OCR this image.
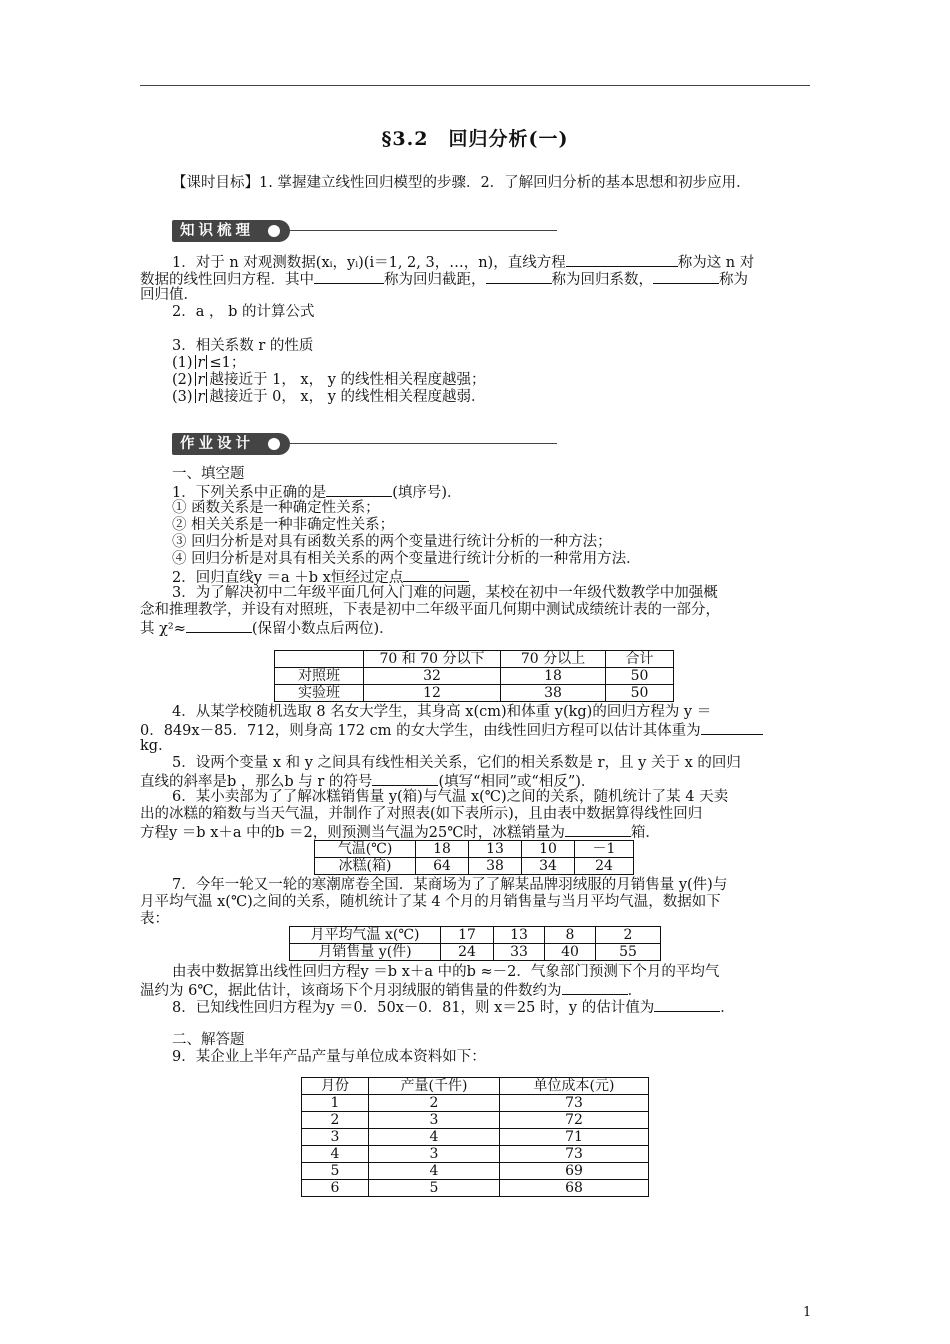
§3.2　回归分析(一)
【课时目标】1. 掌握建立线性回归模型的步骤．2．了解回归分析的基本思想和初步应用．
知识梳理
1．对于 n 对观测数据(xᵢ，yᵢ)(i＝1, 2, 3，…，n)，直线方程	称为这 n 对
数据的线性回归方程．其中	称为回归截距，	称为回归系数，	称为
回归值．
2．a ， b 的计算公式
3．相关系数 r 的性质
(1) r ≤1；
(2) r 越接近于 1， x， y 的线性相关程度越强；
(3) r 越接近于 0， x， y 的线性相关程度越弱．
作业设计
一、填空题
1．下列关系中正确的是	(填序号)．
① 函数关系是一种确定性关系；
② 相关关系是一种非确定性关系；
③ 回归分析是对具有函数关系的两个变量进行统计分析的一种方法；
④ 回归分析是对具有相关关系的两个变量进行统计分析的一种常用方法．
2．回归直线y ＝a ＋b x恒经过定点
3．为了解决初中二年级平面几何入门难的问题，某校在初中一年级代数教学中加强概
念和推理教学，并设有对照班，下表是初中二年级平面几何期中测试成绩统计表的一部分，
其 χ²≈	(保留小数点后两位)．
	70 和 70 分以下	70 分以上	合计
对照班	32	18	50
实验班	12	38	50
4．从某学校随机选取 8 名女大学生，其身高 x(cm)和体重 y(kg)的回归方程为 y ＝
0．849x－85．712，则身高 172 cm 的女大学生，由线性回归方程可以估计其体重为
kg．
5．设两个变量 x 和 y 之间具有线性相关关系，它们的相关系数是 r，且 y 关于 x 的回归
直线的斜率是b ，那么b 与 r 的符号	(填写“相同”或“相反”)．
6．某小卖部为了了解冰糕销售量 y(箱)与气温 x(℃)之间的关系，随机统计了某 4 天卖
出的冰糕的箱数与当天气温，并制作了对照表(如下表所示)，且由表中数据算得线性回归
方程y ＝b x＋a 中的b ＝2，则预测当气温为25℃时，冰糕销量为	箱．
气温(℃)	18	13	10	－1
冰糕(箱)	64	38	34	24
7．今年一轮又一轮的寒潮席卷全国．某商场为了了解某品牌羽绒服的月销售量 y(件)与
月平均气温 x(℃)之间的关系，随机统计了某 4 个月的月销售量与当月平均气温，数据如下
表：
月平均气温 x(℃)	17	13	8	2
月销售量 y(件)	24	33	40	55
由表中数据算出线性回归方程y ＝b x＋a 中的b ≈－2．气象部门预测下个月的平均气
温约为 6℃，据此估计，该商场下个月羽绒服的销售量的件数约为	．
8．已知线性回归方程为y ＝0．50x－0．81，则 x＝25 时，y 的估计值为	．
二、解答题
9．某企业上半年产品产量与单位成本资料如下：
月份	产量(千件)	单位成本(元)
1	2	73
2	3	72
3	4	71
4	3	73
5	4	69
6	5	68
1
